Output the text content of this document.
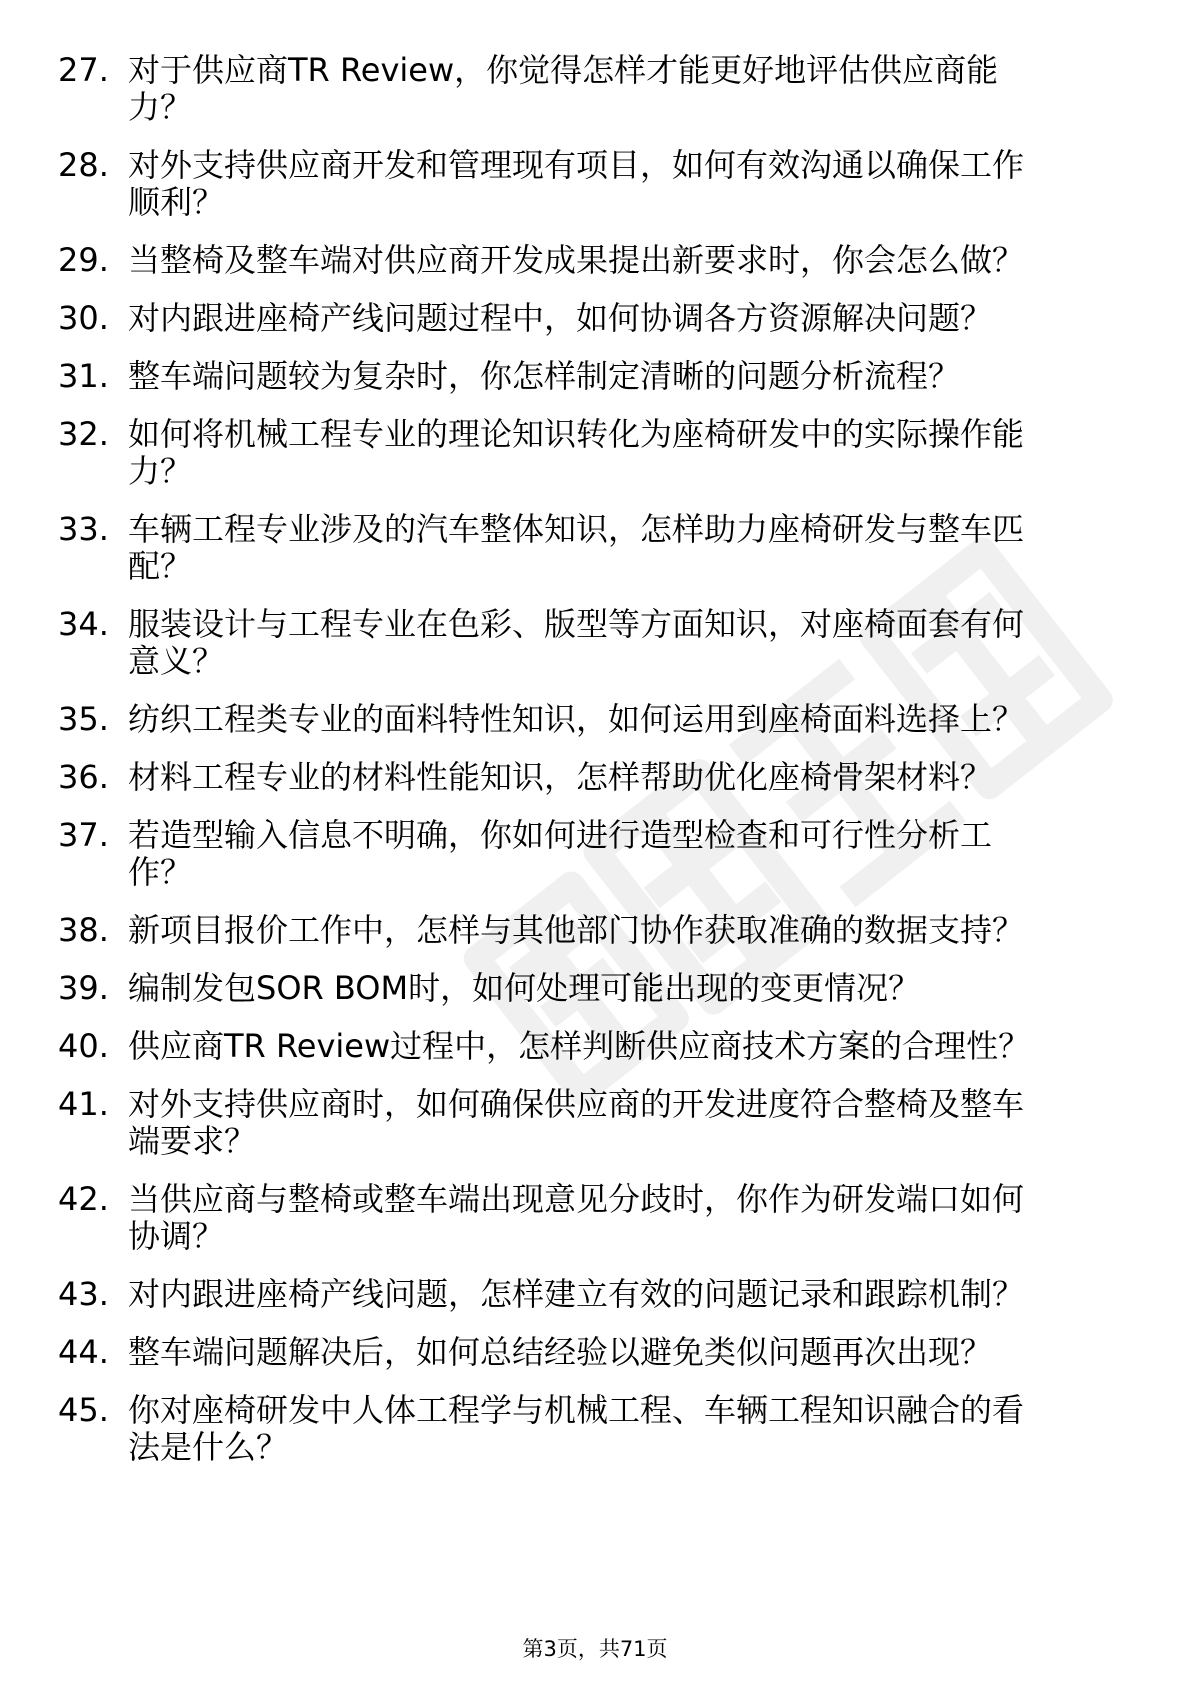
27. 对于供应商TR Review，你觉得怎样才能更好地评估供应商能
力？
28. 对外支持供应商开发和管理现有项目，如何有效沟通以确保工作
顺利？
29. 当整椅及整车端对供应商开发成果提出新要求时，你会怎么做？
30. 对内跟进座椅产线问题过程中，如何协调各方资源解决问题？
31. 整车端问题较为复杂时，你怎样制定清晰的问题分析流程？
32. 如何将机械工程专业的理论知识转化为座椅研发中的实际操作能
力？
33. 车辆工程专业涉及的汽车整体知识，怎样助力座椅研发与整车匹
配？
34. 服装设计与工程专业在色彩、版型等方面知识，对座椅面套有何
意义？
35. 纺织工程类专业的面料特性知识，如何运用到座椅面料选择上？
36. 材料工程专业的材料性能知识，怎样帮助优化座椅骨架材料？
37. 若造型输入信息不明确，你如何进行造型检查和可行性分析工
作？
38. 新项目报价工作中，怎样与其他部门协作获取准确的数据支持？
39. 编制发包SOR BOM时，如何处理可能出现的变更情况？
40. 供应商TR Review过程中，怎样判断供应商技术方案的合理性？
41. 对外支持供应商时，如何确保供应商的开发进度符合整椅及整车
端要求？
42. 当供应商与整椅或整车端出现意见分歧时，你作为研发端口如何
协调？
43. 对内跟进座椅产线问题，怎样建立有效的问题记录和跟踪机制？
44. 整车端问题解决后，如何总结经验以避免类似问题再次出现？
45. 你对座椅研发中人体工程学与机械工程、车辆工程知识融合的看
法是什么？
第3页，共71页
